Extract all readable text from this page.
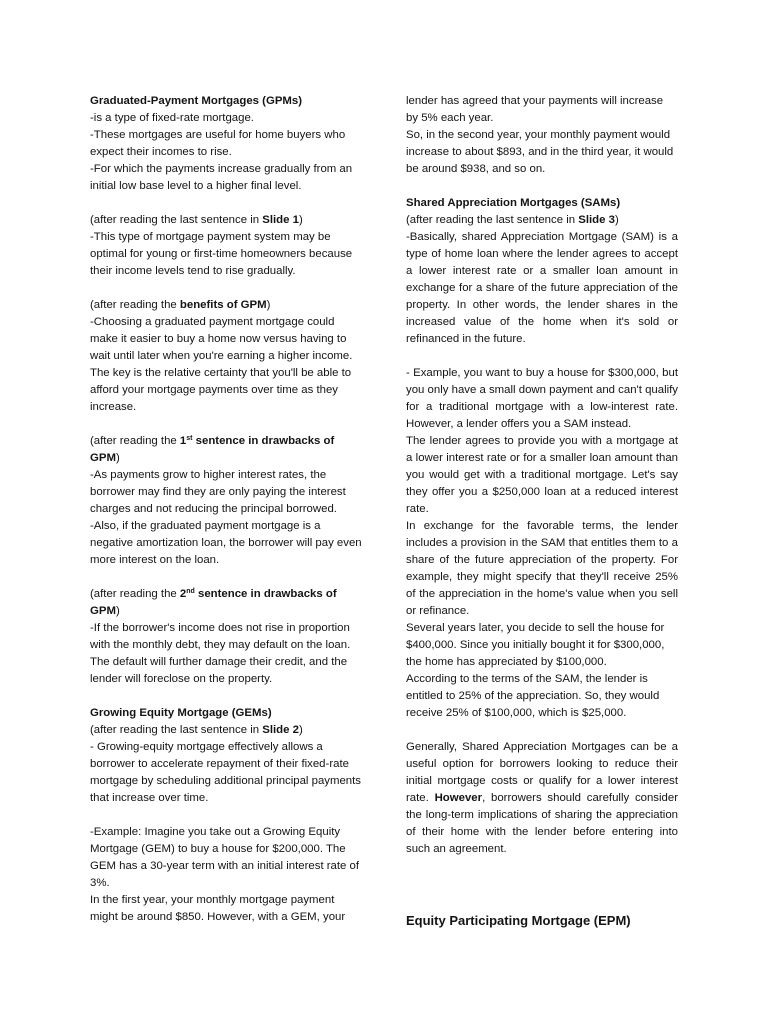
Graduated-Payment Mortgages (GPMs)

-is a type of fixed-rate mortgage.

-These mortgages are useful for home buyers who expect their incomes to rise.

-For which the payments increase gradually from an initial low base level to a higher final level.

(after reading the last sentence in Slide 1)

-This type of mortgage payment system may be optimal for young or first-time homeowners because their income levels tend to rise gradually.

(after reading the benefits of GPM)

-Choosing a graduated payment mortgage could make it easier to buy a home now versus having to wait until later when you're earning a higher income. The key is the relative certainty that you'll be able to afford your mortgage payments over time as they increase.

(after reading the 1st sentence in drawbacks of GPM)

-As payments grow to higher interest rates, the borrower may find they are only paying the interest charges and not reducing the principal borrowed.

-Also, if the graduated payment mortgage is a negative amortization loan, the borrower will pay even more interest on the loan.

(after reading the 2nd sentence in drawbacks of GPM)

-If the borrower's income does not rise in proportion with the monthly debt, they may default on the loan. The default will further damage their credit, and the lender will foreclose on the property.

Growing Equity Mortgage (GEMs)

(after reading the last sentence in Slide 2)

- Growing-equity mortgage effectively allows a borrower to accelerate repayment of their fixed-rate mortgage by scheduling additional principal payments that increase over time.

-Example: Imagine you take out a Growing Equity Mortgage (GEM) to buy a house for $200,000. The GEM has a 30-year term with an initial interest rate of 3%.

In the first year, your monthly mortgage payment might be around $850. However, with a GEM, your

lender has agreed that your payments will increase by 5% each year.

So, in the second year, your monthly payment would increase to about $893, and in the third year, it would be around $938, and so on.

Shared Appreciation Mortgages (SAMs)

(after reading the last sentence in Slide 3)

-Basically, shared Appreciation Mortgage (SAM) is a type of home loan where the lender agrees to accept a lower interest rate or a smaller loan amount in exchange for a share of the future appreciation of the property. In other words, the lender shares in the increased value of the home when it's sold or refinanced in the future.

- Example, you want to buy a house for $300,000, but you only have a small down payment and can't qualify for a traditional mortgage with a low-interest rate. However, a lender offers you a SAM instead.

The lender agrees to provide you with a mortgage at a lower interest rate or for a smaller loan amount than you would get with a traditional mortgage. Let's say they offer you a $250,000 loan at a reduced interest rate.

In exchange for the favorable terms, the lender includes a provision in the SAM that entitles them to a share of the future appreciation of the property. For example, they might specify that they'll receive 25% of the appreciation in the home's value when you sell or refinance.

Several years later, you decide to sell the house for $400,000. Since you initially bought it for $300,000, the home has appreciated by $100,000.

According to the terms of the SAM, the lender is entitled to 25% of the appreciation. So, they would receive 25% of $100,000, which is $25,000.

Generally, Shared Appreciation Mortgages can be a useful option for borrowers looking to reduce their initial mortgage costs or qualify for a lower interest rate. However, borrowers should carefully consider the long-term implications of sharing the appreciation of their home with the lender before entering into such an agreement.

Equity Participating Mortgage (EPM)
